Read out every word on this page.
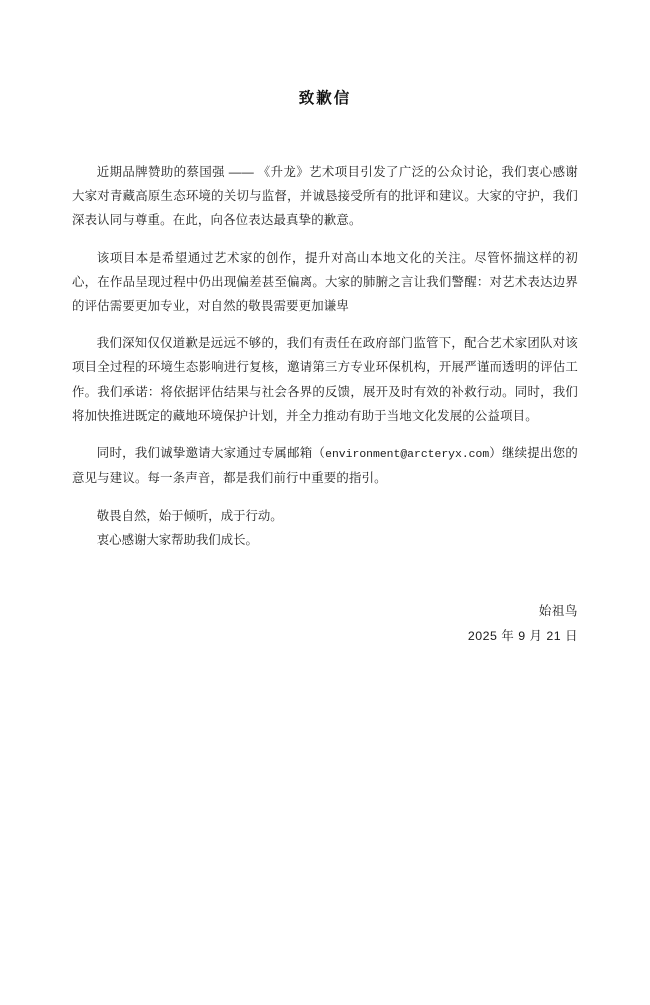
致歉信

近期品牌赞助的蔡国强 —— 《升龙》艺术项目引发了广泛的公众讨论，我们衷心感谢大家对青藏高原生态环境的关切与监督，并诚恳接受所有的批评和建议。大家的守护，我们深表认同与尊重。在此，向各位表达最真挚的歉意。

该项目本是希望通过艺术家的创作，提升对高山本地文化的关注。尽管怀揣这样的初心，在作品呈现过程中仍出现偏差甚至偏离。大家的肺腑之言让我们警醒：对艺术表达边界的评估需要更加专业，对自然的敬畏需要更加谦卑

我们深知仅仅道歉是远远不够的，我们有责任在政府部门监管下，配合艺术家团队对该项目全过程的环境生态影响进行复核，邀请第三方专业环保机构，开展严谨而透明的评估工作。我们承诺：将依据评估结果与社会各界的反馈，展开及时有效的补救行动。同时，我们将加快推进既定的藏地环境保护计划，并全力推动有助于当地文化发展的公益项目。

同时，我们诚挚邀请大家通过专属邮箱（environment@arcteryx.com）继续提出您的意见与建议。每一条声音，都是我们前行中重要的指引。

敬畏自然，始于倾听，成于行动。

衷心感谢大家帮助我们成长。

始祖鸟
2025 年 9 月 21 日
